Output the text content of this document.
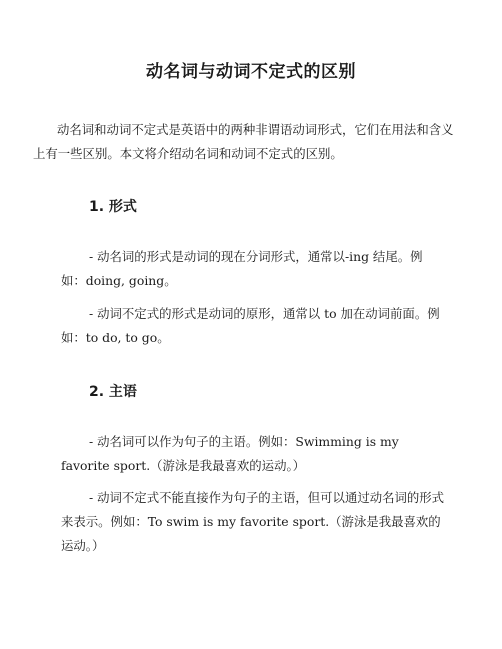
动名词与动词不定式的区别

动名词和动词不定式是英语中的两种非谓语动词形式，它们在用法和含义上有一些区别。本文将介绍动名词和动词不定式的区别。

1. 形式

- 动名词的形式是动词的现在分词形式，通常以-ing 结尾。例如：doing, going。

- 动词不定式的形式是动词的原形，通常以 to 加在动词前面。例如：to do, to go。

2. 主语

- 动名词可以作为句子的主语。例如：Swimming is my favorite sport.（游泳是我最喜欢的运动。）

- 动词不定式不能直接作为句子的主语，但可以通过动名词的形式来表示。例如：To swim is my favorite sport.（游泳是我最喜欢的运动。）
